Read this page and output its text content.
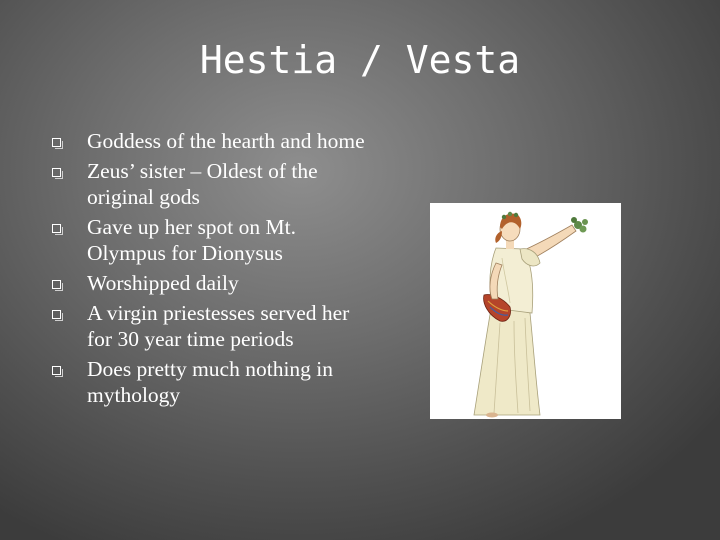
Hestia / Vesta
Goddess of the hearth and home
Zeus’ sister – Oldest of the original gods
Gave up her spot on Mt. Olympus for Dionysus
Worshipped daily
A virgin priestesses served her for 30 year time periods
Does pretty much nothing in mythology
